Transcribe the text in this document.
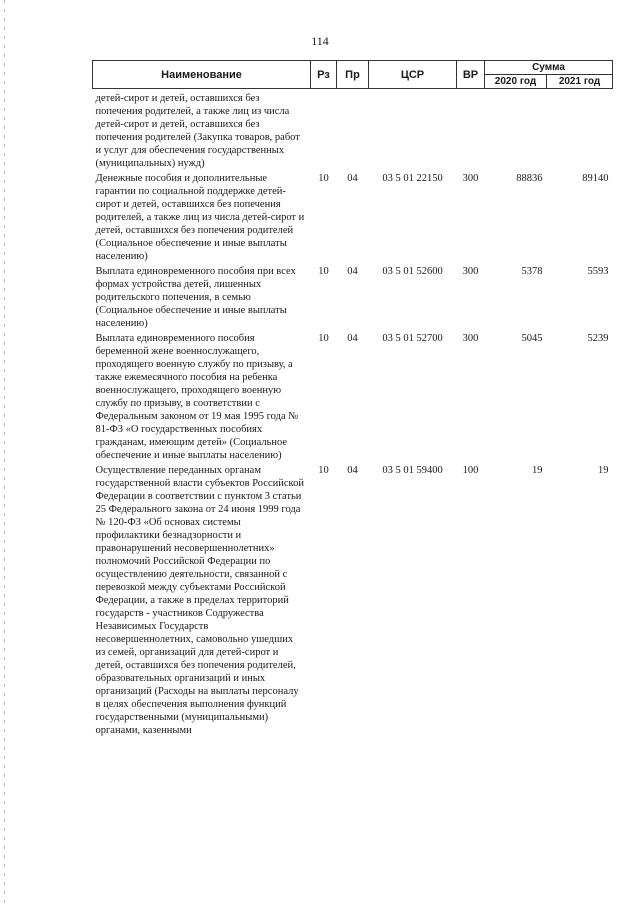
114
Наименование	Рз	Пр	ЦСР	ВР	Сумма	
					2020 год	2021 год
детей-сирот и детей, оставшихся без попечения родителей, а также лиц из числа детей-сирот и детей, оставшихся без попечения родителей (Закупка товаров, работ и услуг для обеспечения государственных (муниципальных) нужд)						
Денежные пособия и дополнительные гарантии по социальной поддержке детей-сирот и детей, оставшихся без попечения родителей, а также лиц из числа детей-сирот и детей, оставшихся без попечения родителей (Социальное обеспечение и иные выплаты населению)	10	04	03 5 01 22150	300	88836	89140
Выплата единовременного пособия при всех формах устройства детей, лишенных родительского попечения, в семью (Социальное обеспечение и иные выплаты населению)	10	04	03 5 01 52600	300	5378	5593
Выплата единовременного пособия беременной жене военнослужащего, проходящего военную службу по призыву, а также ежемесячного пособия на ребенка военнослужащего, проходящего военную службу по призыву, в соответствии с Федеральным законом от 19 мая 1995 года № 81-ФЗ «О государственных пособиях гражданам, имеющим детей» (Социальное обеспечение и иные выплаты населению)	10	04	03 5 01 52700	300	5045	5239
Осуществление переданных органам государственной власти субъектов Российской Федерации в соответствии с пунктом 3 статьи 25 Федерального закона от 24 июня 1999 года № 120-ФЗ «Об основах системы профилактики безнадзорности и правонарушений несовершеннолетних» полномочий Российской Федерации по осуществлению деятельности, связанной с перевозкой между субъектами Российской Федерации, а также в пределах территорий государств - участников Содружества Независимых Государств несовершеннолетних, самовольно ушедших из семей, организаций для детей-сирот и детей, оставшихся без попечения родителей, образовательных организаций и иных организаций (Расходы на выплаты персоналу в целях обеспечения выполнения функций государственными (муниципальными) органами, казенными	10	04	03 5 01 59400	100	19	19
